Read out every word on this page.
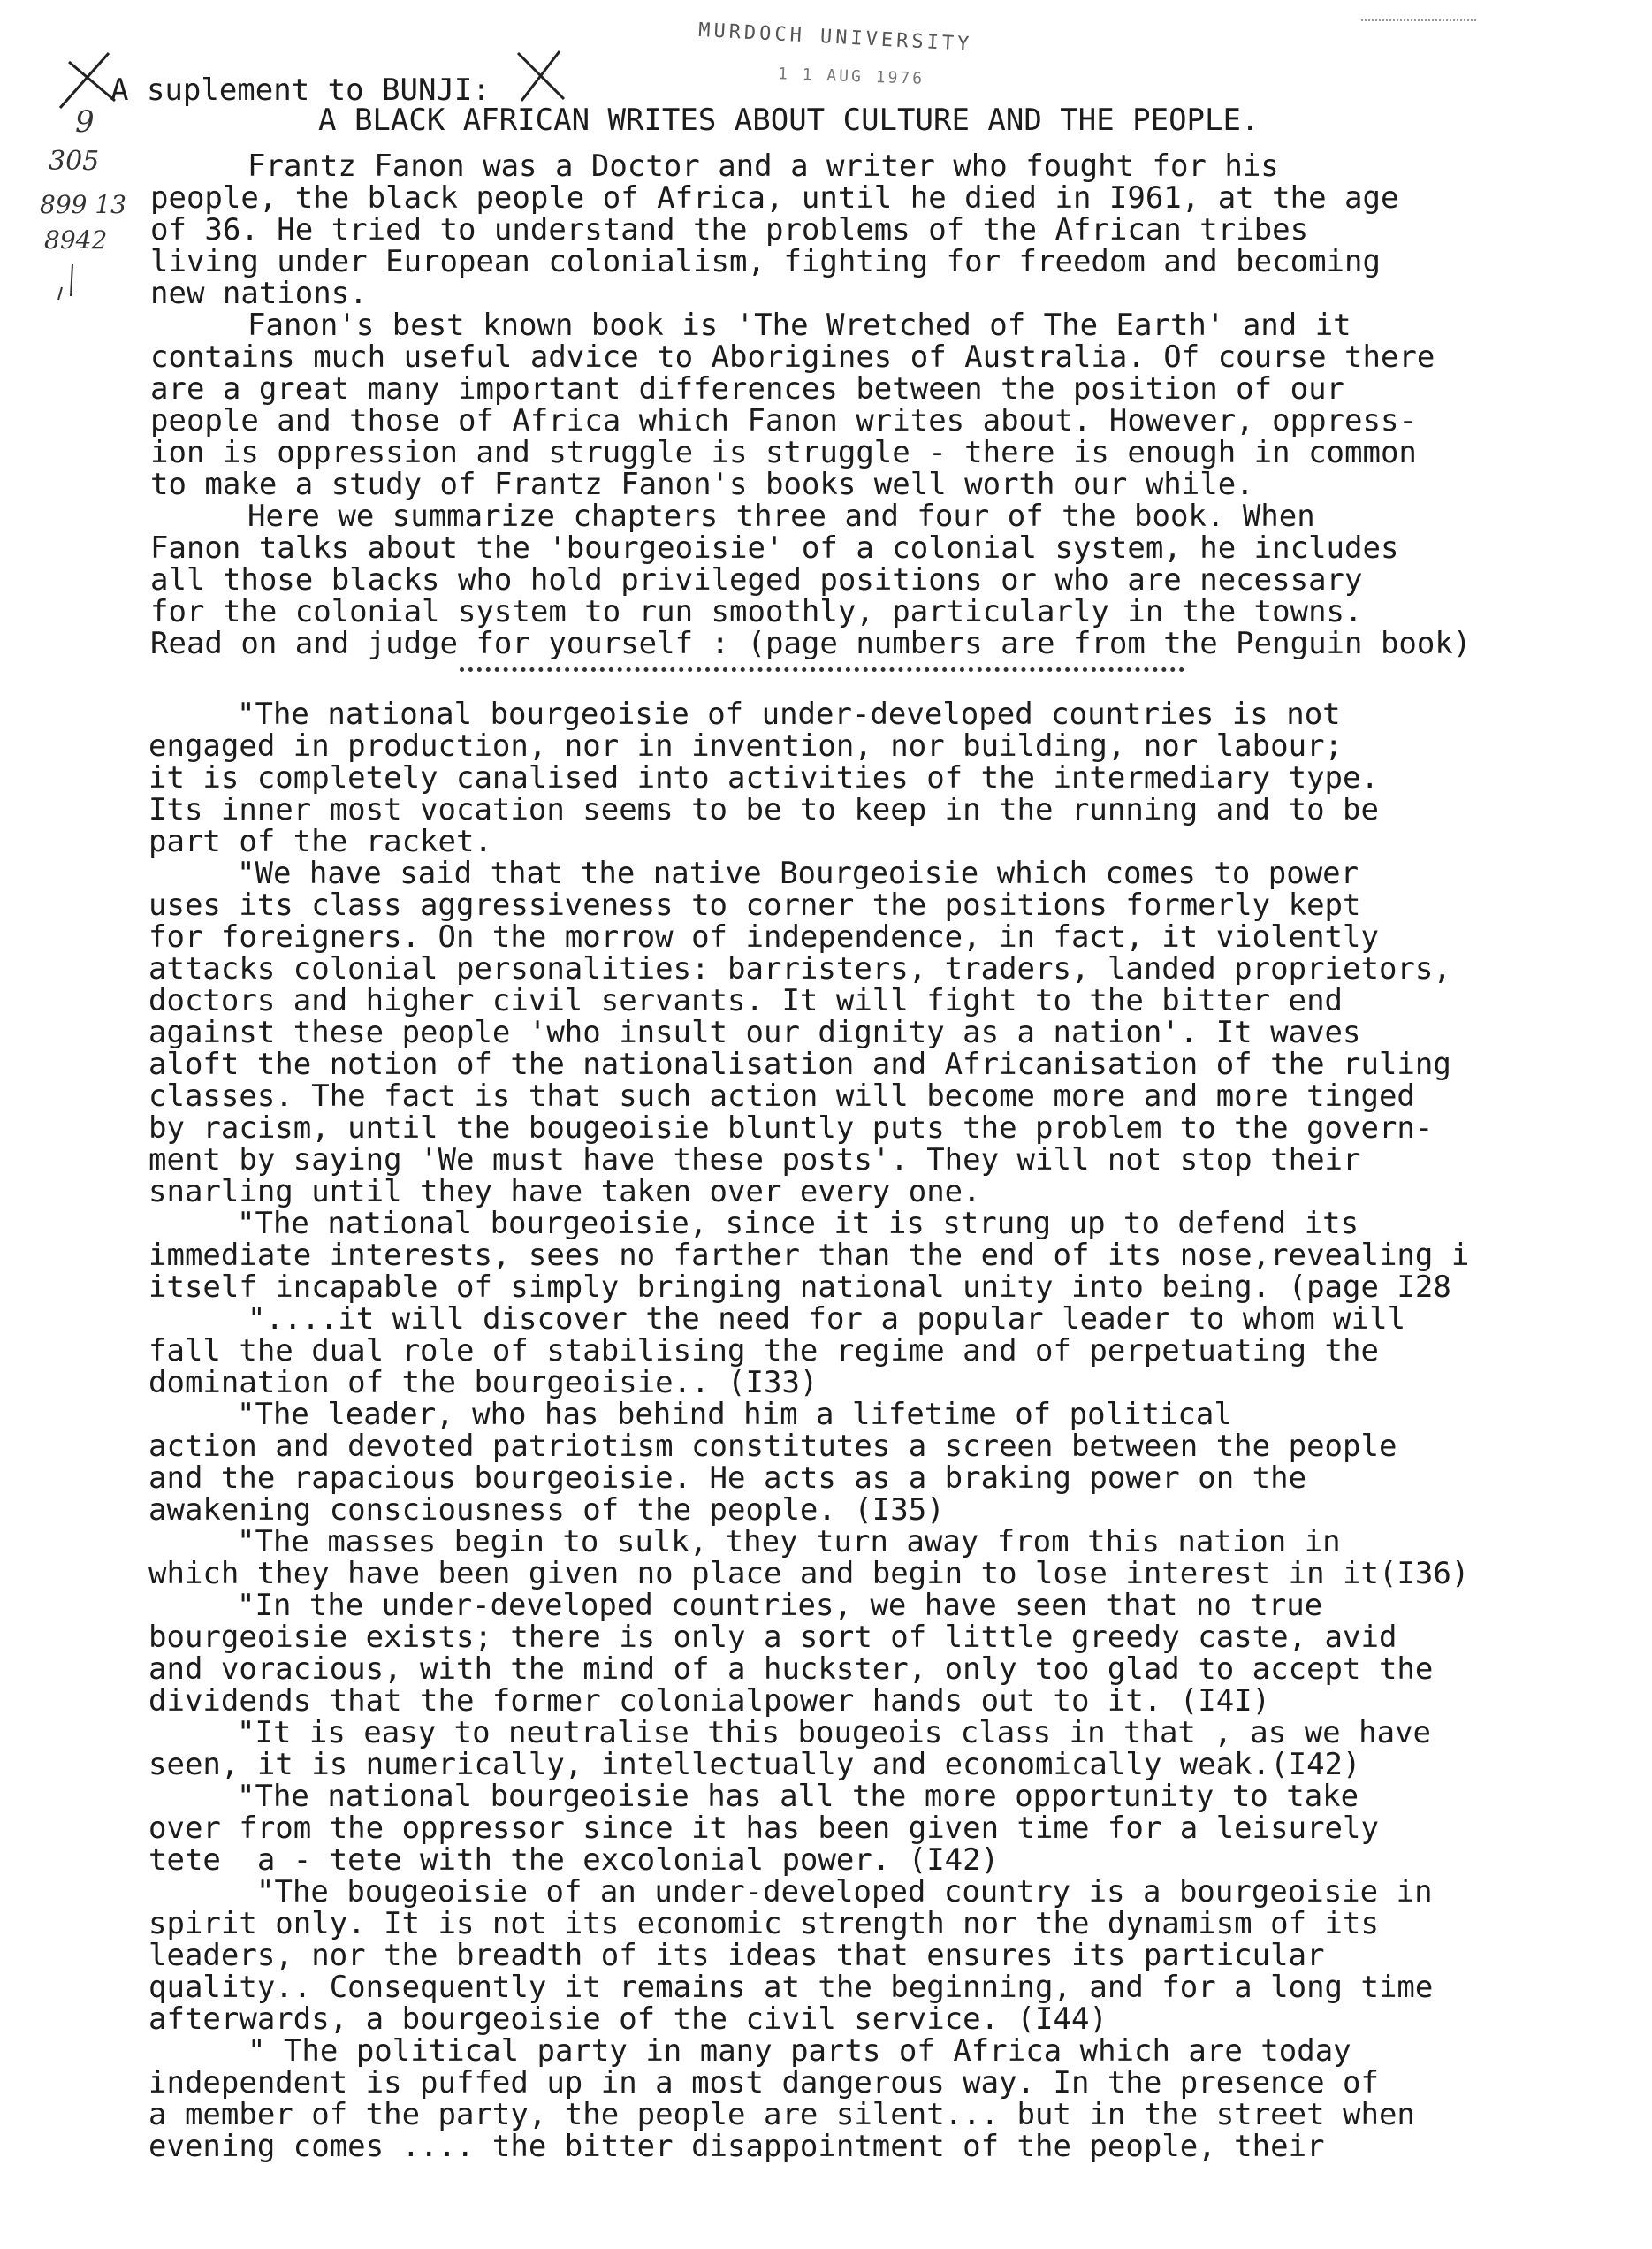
MURDOCH UNIVERSITY
1 1 AUG 1976
9
305
899 13
8942
A suplement to BUNJI:
A BLACK AFRICAN WRITES ABOUT CULTURE AND THE PEOPLE.
Frantz Fanon was a Doctor and a writer who fought for his
people, the black people of Africa, until he died in I961, at the age
of 36. He tried to understand the problems of the African tribes
living under European colonialism, fighting for freedom and becoming
new nations.
Fanon's best known book is 'The Wretched of The Earth' and it
contains much useful advice to Aborigines of Australia. Of course there
are a great many important differences between the position of our
people and those of Africa which Fanon writes about. However, oppress-
ion is oppression and struggle is struggle - there is enough in common
to make a study of Frantz Fanon's books well worth our while.
Here we summarize chapters three and four of the book. When
Fanon talks about the 'bourgeoisie' of a colonial system, he includes
all those blacks who hold privileged positions or who are necessary
for the colonial system to run smoothly, particularly in the towns.
Read on and judge for yourself : (page numbers are from the Penguin book)
"The national bourgeoisie of under-developed countries is not
engaged in production, nor in invention, nor building, nor labour;
it is completely canalised into activities of the intermediary type.
Its inner most vocation seems to be to keep in the running and to be
part of the racket.
"We have said that the native Bourgeoisie which comes to power
uses its class aggressiveness to corner the positions formerly kept
for foreigners. On the morrow of independence, in fact, it violently
attacks colonial personalities: barristers, traders, landed proprietors,
doctors and higher civil servants. It will fight to the bitter end
against these people 'who insult our dignity as a nation'. It waves
aloft the notion of the nationalisation and Africanisation of the ruling
classes. The fact is that such action will become more and more tinged
by racism, until the bougeoisie bluntly puts the problem to the govern-
ment by saying 'We must have these posts'. They will not stop their
snarling until they have taken over every one.
"The national bourgeoisie, since it is strung up to defend its
immediate interests, sees no farther than the end of its nose,revealing i
itself incapable of simply bringing national unity into being. (page I28
"....it will discover the need for a popular leader to whom will
fall the dual role of stabilising the regime and of perpetuating the
domination of the bourgeoisie.. (I33)
"The leader, who has behind him a lifetime of political
action and devoted patriotism constitutes a screen between the people
and the rapacious bourgeoisie. He acts as a braking power on the
awakening consciousness of the people. (I35)
"The masses begin to sulk, they turn away from this nation in
which they have been given no place and begin to lose interest in it(I36)
"In the under-developed countries, we have seen that no true
bourgeoisie exists; there is only a sort of little greedy caste, avid
and voracious, with the mind of a huckster, only too glad to accept the
dividends that the former colonialpower hands out to it. (I4I)
"It is easy to neutralise this bougeois class in that , as we have
seen, it is numerically, intellectually and economically weak.(I42)
"The national bourgeoisie has all the more opportunity to take
over from the oppressor since it has been given time for a leisurely
tete  a - tete with the excolonial power. (I42)
"The bougeoisie of an under-developed country is a bourgeoisie in
spirit only. It is not its economic strength nor the dynamism of its
leaders, nor the breadth of its ideas that ensures its particular
quality.. Consequently it remains at the beginning, and for a long time
afterwards, a bourgeoisie of the civil service. (I44)
" The political party in many parts of Africa which are today
independent is puffed up in a most dangerous way. In the presence of
a member of the party, the people are silent... but in the street when
evening comes .... the bitter disappointment of the people, their
